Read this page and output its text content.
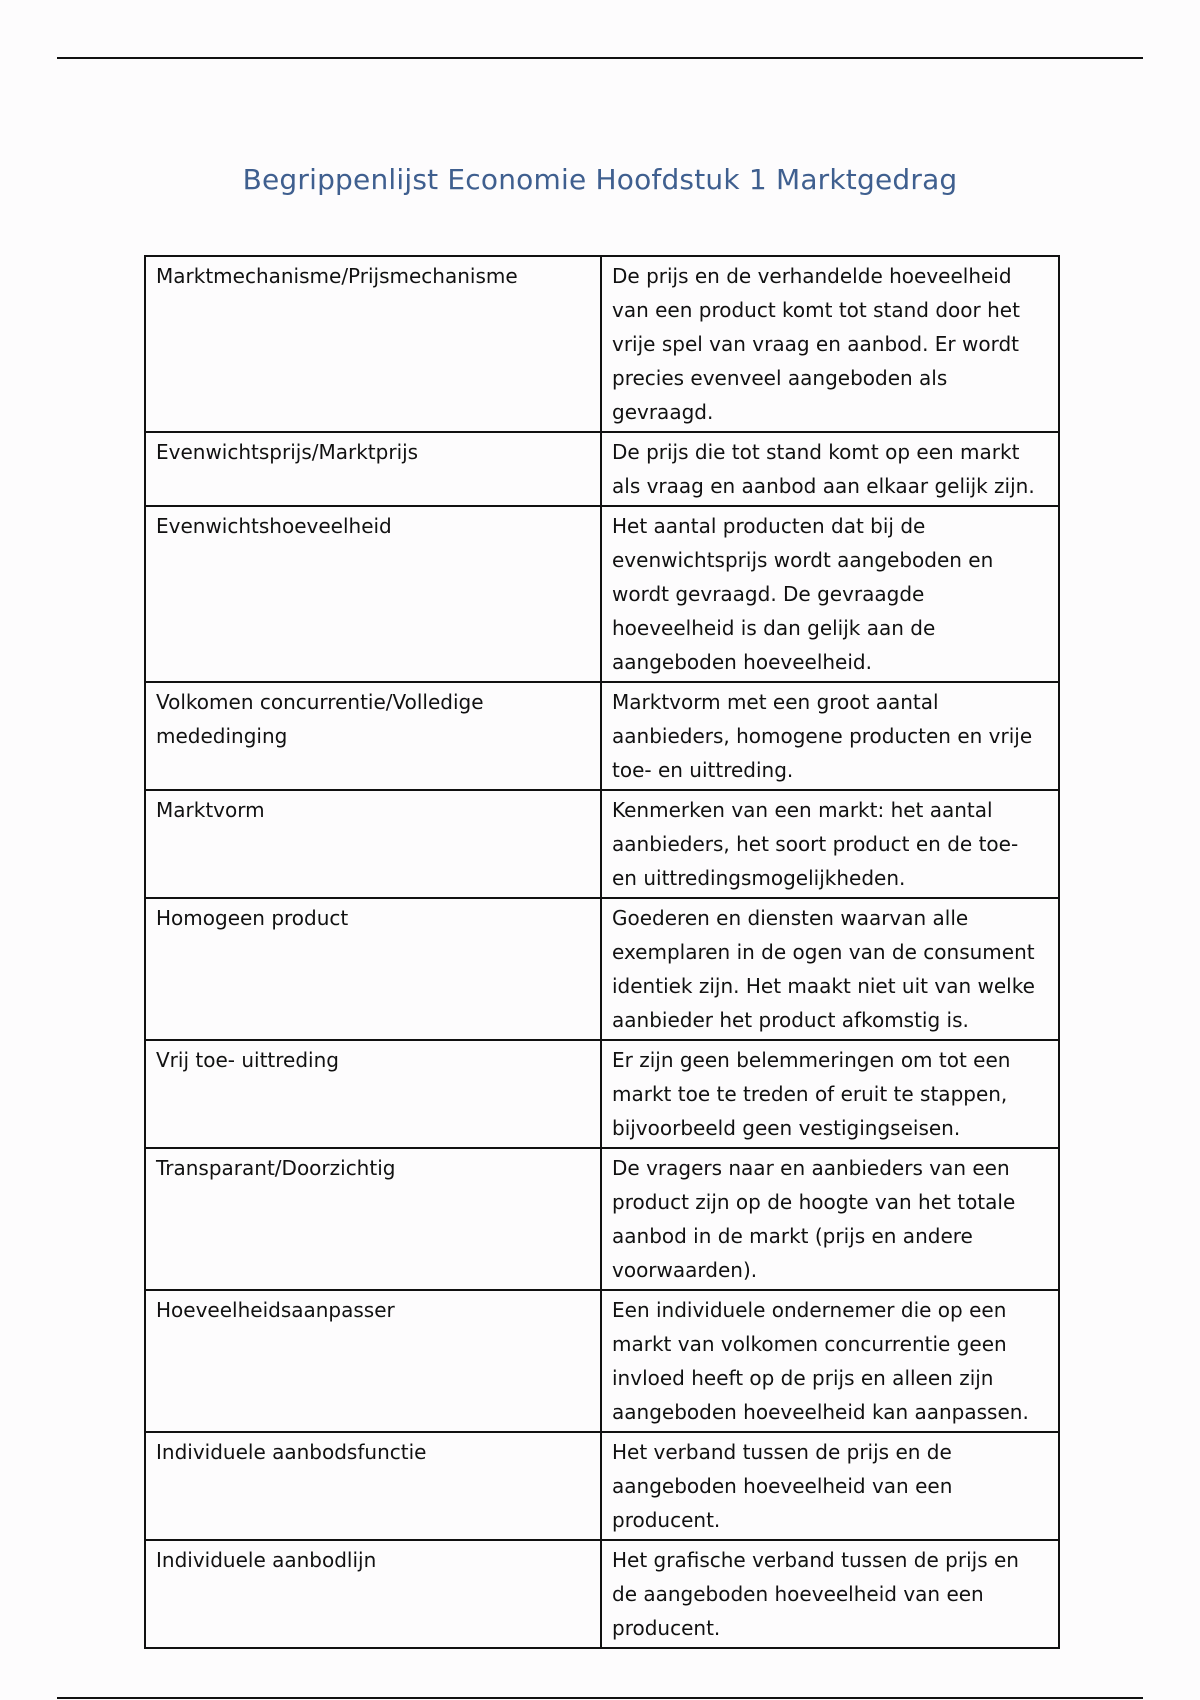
Begrippenlijst Economie Hoofdstuk 1 Marktgedrag
Marktmechanisme/Prijsmechanisme	De prijs en de verhandelde hoeveelheid van een product komt tot stand door het vrije spel van vraag en aanbod. Er wordt precies evenveel aangeboden als gevraagd.
Evenwichtsprijs/Marktprijs	De prijs die tot stand komt op een markt als vraag en aanbod aan elkaar gelijk zijn.
Evenwichtshoeveelheid	Het aantal producten dat bij de evenwichtsprijs wordt aangeboden en wordt gevraagd. De gevraagde hoeveelheid is dan gelijk aan de aangeboden hoeveelheid.
Volkomen concurrentie/Volledige mededinging	Marktvorm met een groot aantal aanbieders, homogene producten en vrije toe- en uittreding.
Marktvorm	Kenmerken van een markt: het aantal aanbieders, het soort product en de toe- en uittredingsmogelijkheden.
Homogeen product	Goederen en diensten waarvan alle exemplaren in de ogen van de consument identiek zijn. Het maakt niet uit van welke aanbieder het product afkomstig is.
Vrij toe- uittreding	Er zijn geen belemmeringen om tot een markt toe te treden of eruit te stappen, bijvoorbeeld geen vestigingseisen.
Transparant/Doorzichtig	De vragers naar en aanbieders van een product zijn op de hoogte van het totale aanbod in de markt (prijs en andere voorwaarden).
Hoeveelheidsaanpasser	Een individuele ondernemer die op een markt van volkomen concurrentie geen invloed heeft op de prijs en alleen zijn aangeboden hoeveelheid kan aanpassen.
Individuele aanbodsfunctie	Het verband tussen de prijs en de aangeboden hoeveelheid van een producent.
Individuele aanbodlijn	Het grafische verband tussen de prijs en de aangeboden hoeveelheid van een producent.
